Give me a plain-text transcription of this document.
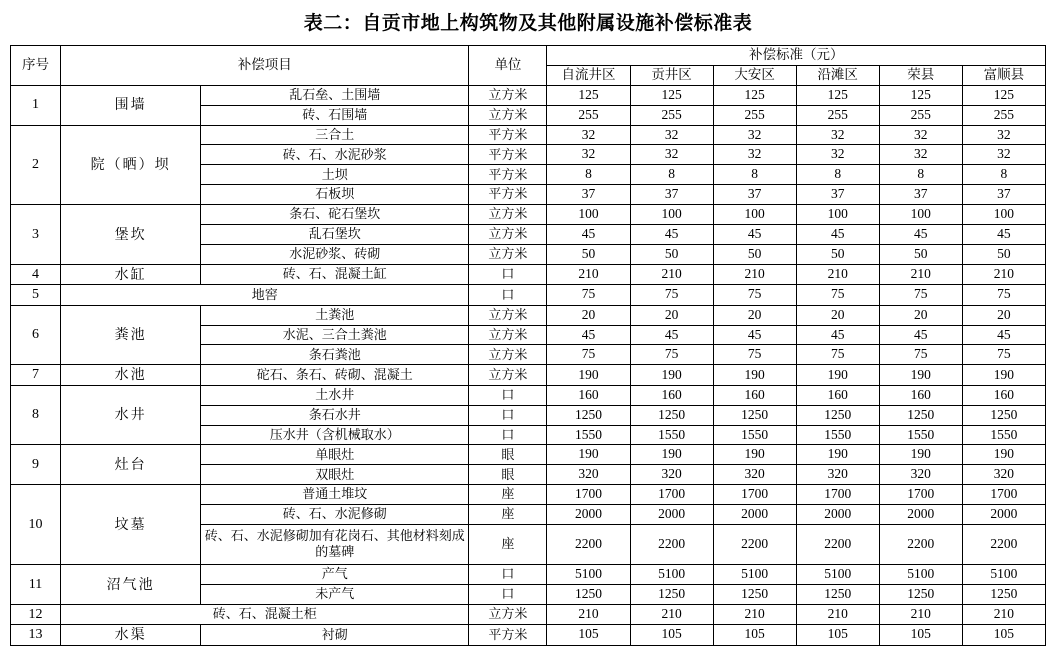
表二：自贡市地上构筑物及其他附属设施补偿标准表
序号	补偿项目		单位	补偿标准（元）					
				自流井区	贡井区	大安区	沿滩区	荣县	富顺县
1	围墙	乱石垒、土围墙	立方米	125	125	125	125	125	125
		砖、石围墙	立方米	255	255	255	255	255	255
2	院（晒）坝	三合土	平方米	32	32	32	32	32	32
		砖、石、水泥砂浆	平方米	32	32	32	32	32	32
		土坝	平方米	8	8	8	8	8	8
		石板坝	平方米	37	37	37	37	37	37
3	堡坎	条石、砣石堡坎	立方米	100	100	100	100	100	100
		乱石堡坎	立方米	45	45	45	45	45	45
		水泥砂浆、砖砌	立方米	50	50	50	50	50	50
4	水缸	砖、石、混凝土缸	口	210	210	210	210	210	210
5	地窖		口	75	75	75	75	75	75
6	粪池	土粪池	立方米	20	20	20	20	20	20
		水泥、三合土粪池	立方米	45	45	45	45	45	45
		条石粪池	立方米	75	75	75	75	75	75
7	水池	砣石、条石、砖砌、混凝土	立方米	190	190	190	190	190	190
8	水井	土水井	口	160	160	160	160	160	160
		条石水井	口	1250	1250	1250	1250	1250	1250
		压水井（含机械取水）	口	1550	1550	1550	1550	1550	1550
9	灶台	单眼灶	眼	190	190	190	190	190	190
		双眼灶	眼	320	320	320	320	320	320
10	坟墓	普通土堆坟	座	1700	1700	1700	1700	1700	1700
		砖、石、水泥修砌	座	2000	2000	2000	2000	2000	2000
		砖、石、水泥修砌加有花岗石、其他材料刻成的墓碑	座	2200	2200	2200	2200	2200	2200
11	沼气池	产气	口	5100	5100	5100	5100	5100	5100
		未产气	口	1250	1250	1250	1250	1250	1250
12	砖、石、混凝土柜		立方米	210	210	210	210	210	210
13	水渠	衬砌	平方米	105	105	105	105	105	105
